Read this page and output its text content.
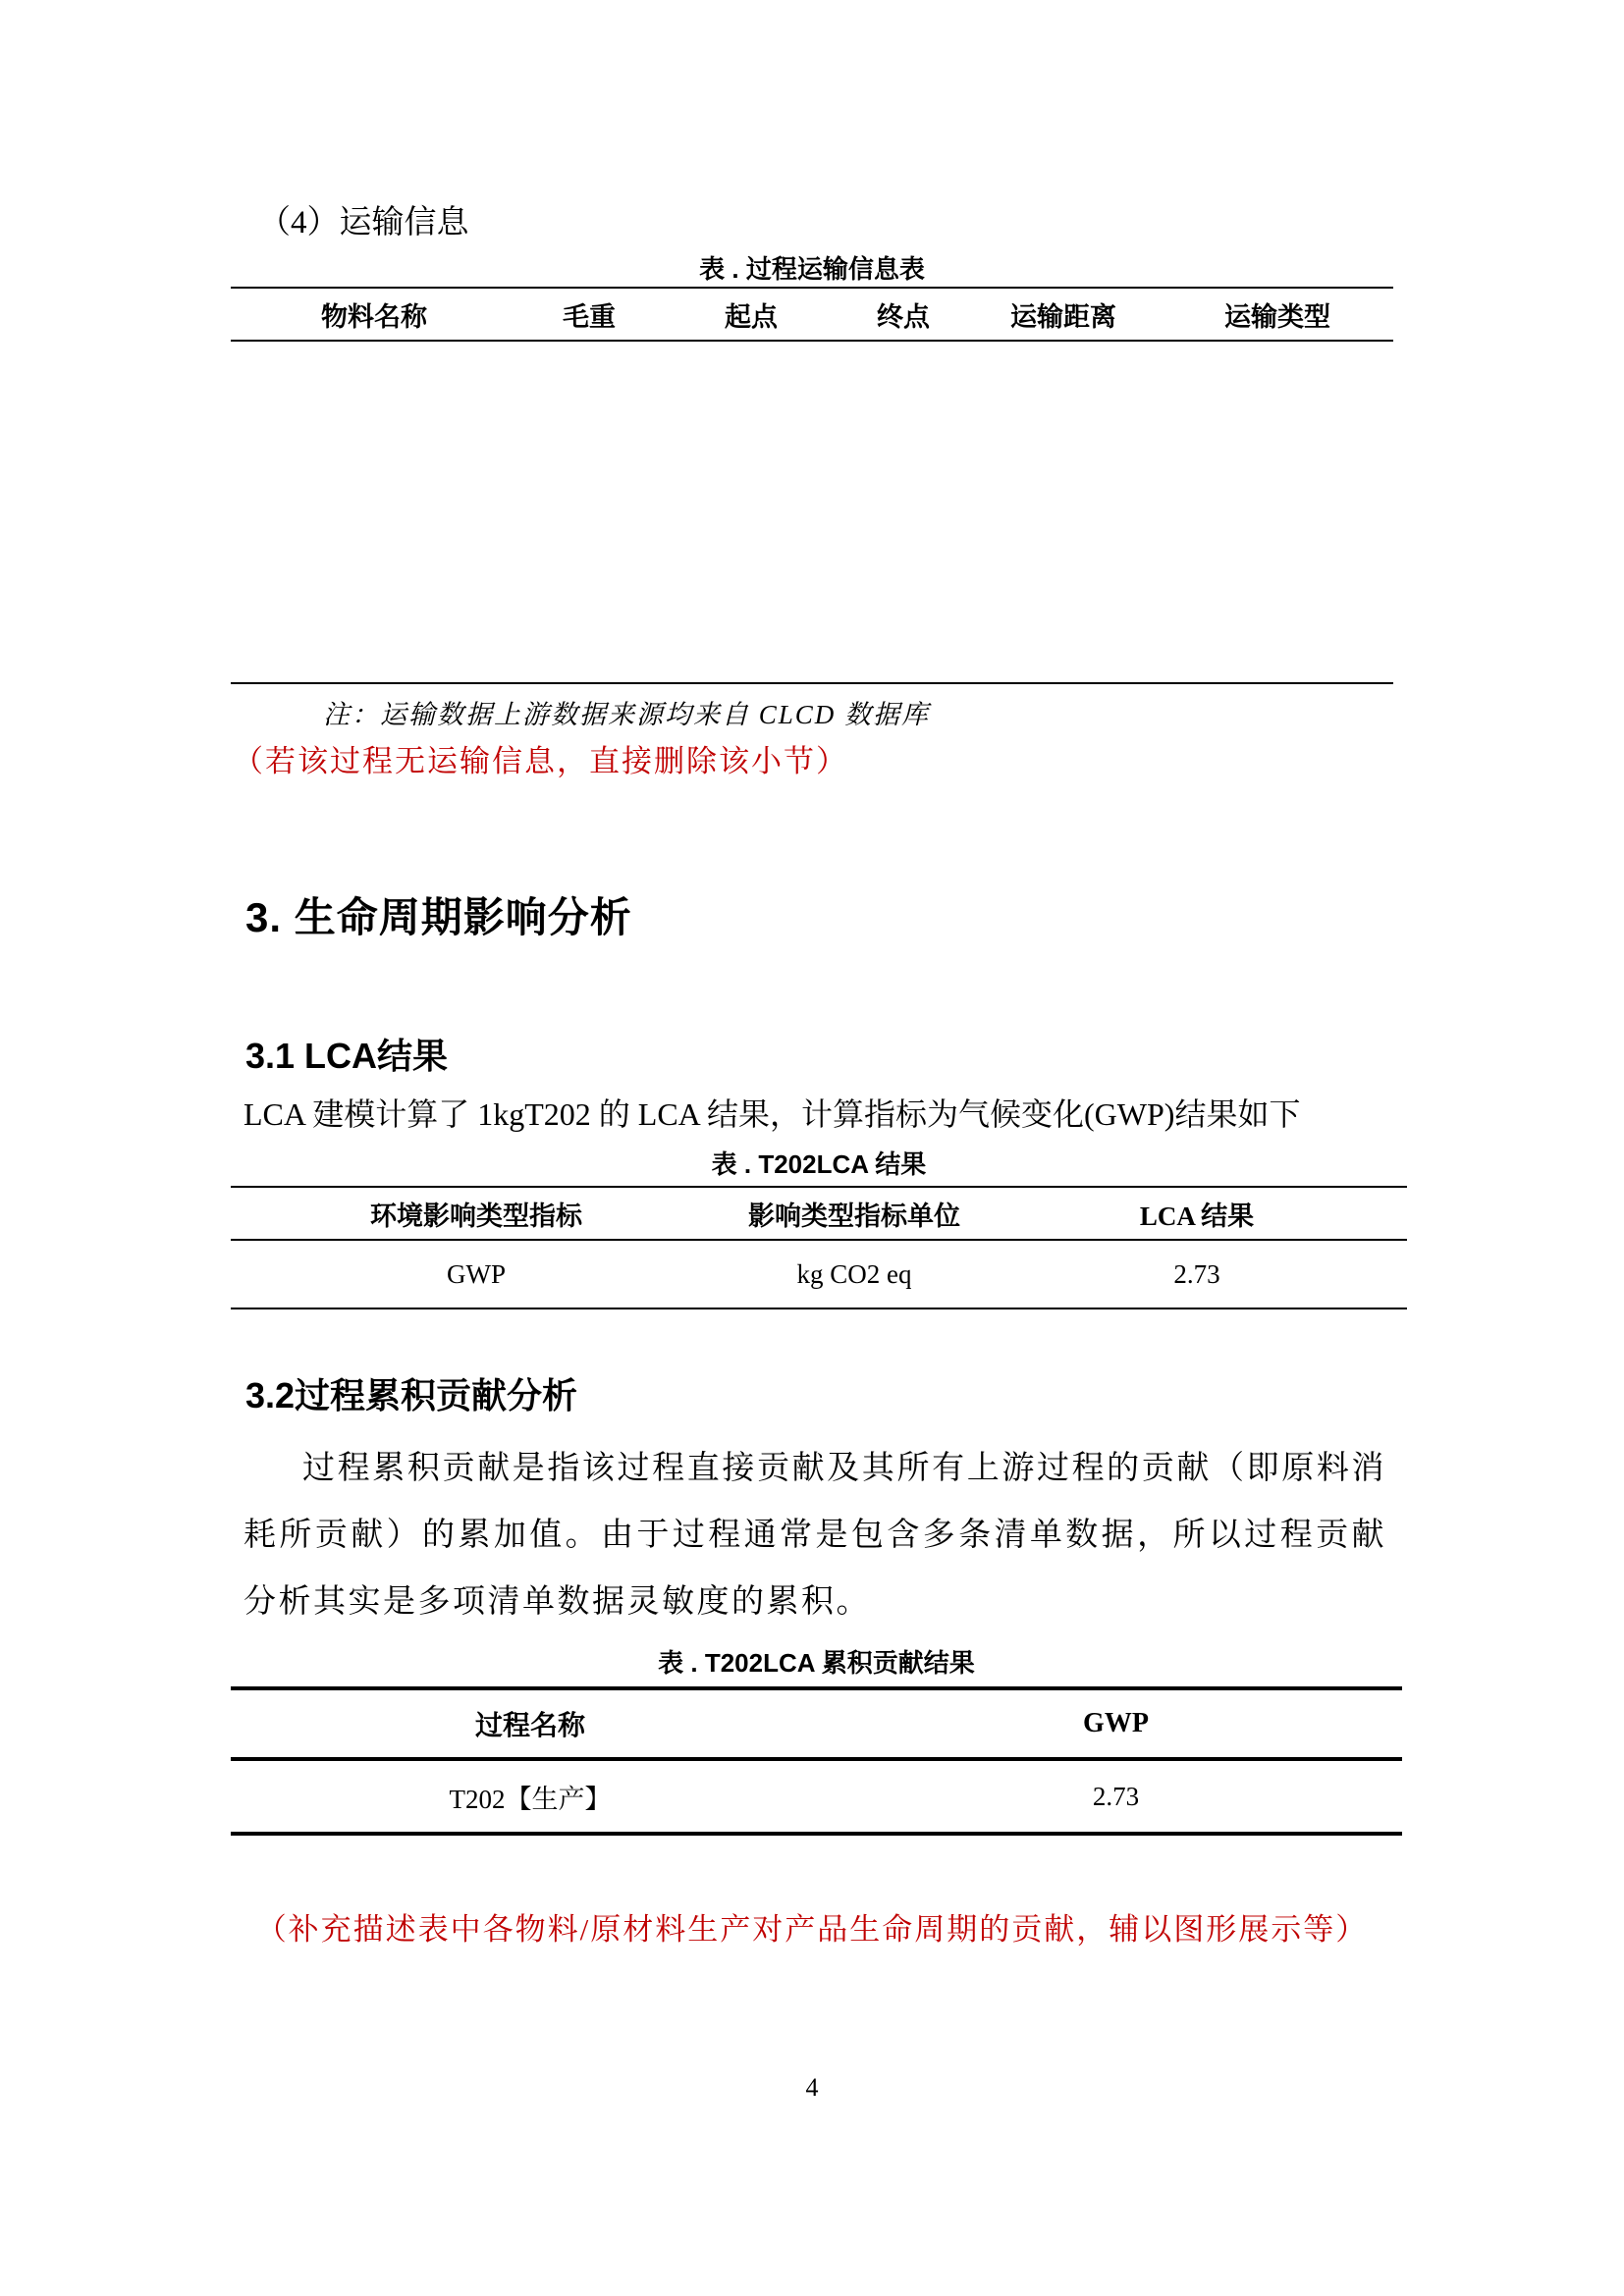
（4）运输信息
表 . 过程运输信息表
物料名称	毛重	起点	终点	运输距离	运输类型
注：运输数据上游数据来源均来自 CLCD 数据库
（若该过程无运输信息，直接删除该小节）
3. 生命周期影响分析
3.1 LCA结果
LCA 建模计算了 1kgT202 的 LCA 结果，计算指标为气候变化(GWP)结果如下
表 . T202LCA 结果
环境影响类型指标	影响类型指标单位	LCA 结果
GWP	kg CO2 eq	2.73
3.2过程累积贡献分析
过程累积贡献是指该过程直接贡献及其所有上游过程的贡献（即原料消耗所贡献）的累加值。由于过程通常是包含多条清单数据，所以过程贡献分析其实是多项清单数据灵敏度的累积。
表 . T202LCA 累积贡献结果
过程名称	GWP
T202【生产】	2.73
（补充描述表中各物料/原材料生产对产品生命周期的贡献，辅以图形展示等）
4
